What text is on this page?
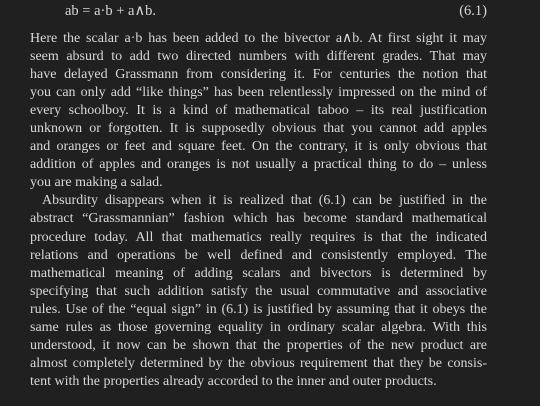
ab = a·b + a∧b.	(6.1)
Here the scalar a·b has been added to the bivector a∧b. At first sight it may
seem absurd to add two directed numbers with different grades. That may
have delayed Grassmann from considering it. For centuries the notion that
you can only add “like things” has been relentlessly impressed on the mind of
every schoolboy. It is a kind of mathematical taboo – its real justification
unknown or forgotten. It is supposedly obvious that you cannot add apples
and oranges or feet and square feet. On the contrary, it is only obvious that
addition of apples and oranges is not usually a practical thing to do – unless
you are making a salad.
Absurdity disappears when it is realized that (6.1) can be justified in the
abstract “Grassmannian” fashion which has become standard mathematical
procedure today. All that mathematics really requires is that the indicated
relations and operations be well defined and consistently employed. The
mathematical meaning of adding scalars and bivectors is determined by
specifying that such addition satisfy the usual commutative and associative
rules. Use of the “equal sign” in (6.1) is justified by assuming that it obeys the
same rules as those governing equality in ordinary scalar algebra. With this
understood, it now can be shown that the properties of the new product are
almost completely determined by the obvious requirement that they be consis-
tent with the properties already accorded to the inner and outer products.
